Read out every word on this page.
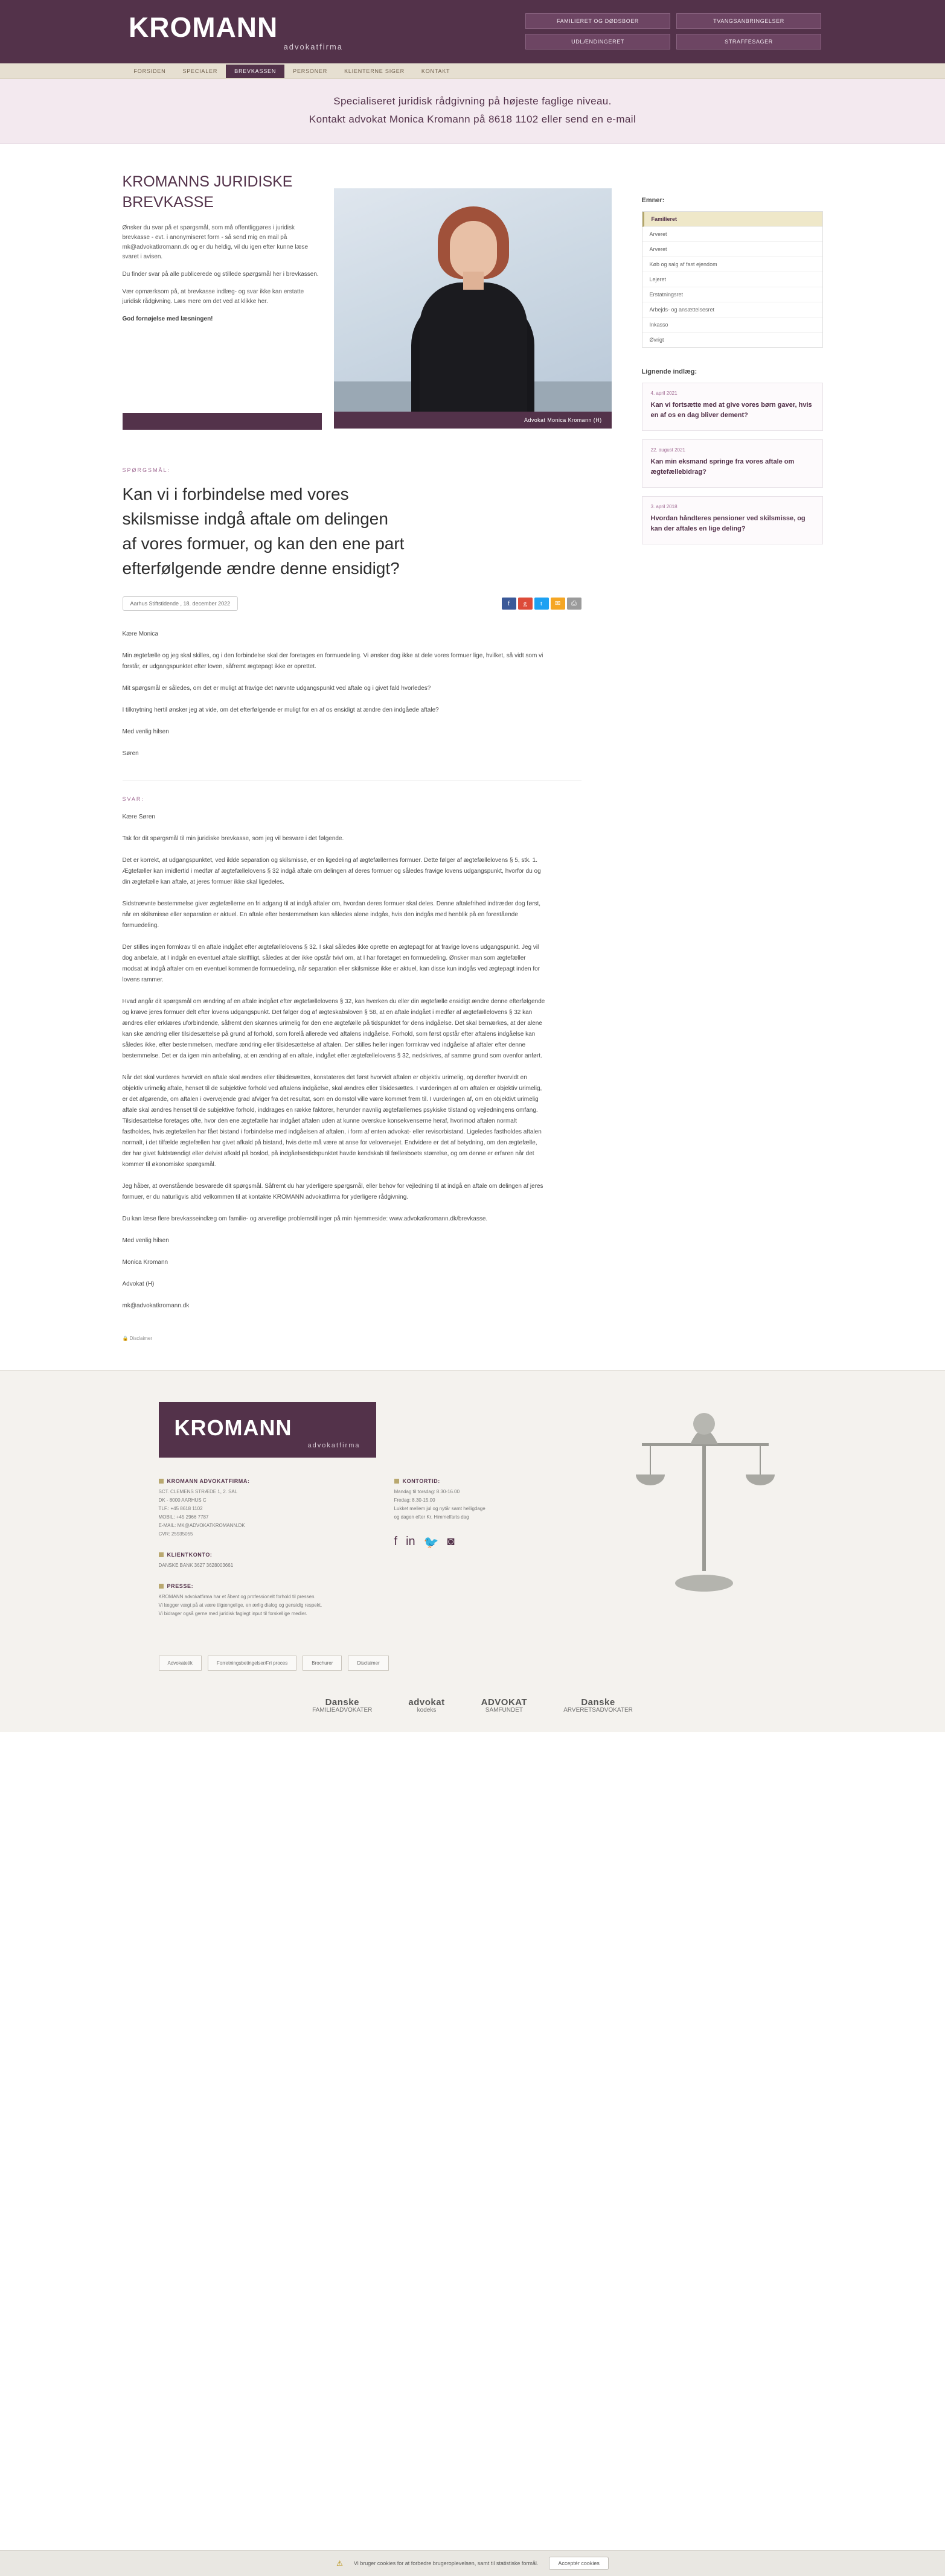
KROMANN
advokatfirma
FAMILIERET OG DØDSBOER	TVANGSANBRINGELSER
UDLÆNDINGERET	STRAFFESAGER
FORSIDEN	SPECIALER	BREVKASSEN	PERSONER	KLIENTERNE SIGER	KONTAKT
Specialiseret juridisk rådgivning på højeste faglige niveau.
Kontakt advokat Monica Kromann på 8618 1102 eller send en e-mail
KROMANNS JURIDISKE BREVKASSE

Ønsker du svar på et spørgsmål, som må offentliggøres i juridisk brevkasse - evt. i anonymiseret form - så send mig en mail på mk@advokatkromann.dk og er du heldig, vil du igen efter kunne læse svaret i avisen.

Du finder svar på alle publicerede og stillede spørgsmål her i brevkassen.

Vær opmærksom på, at brevkasse indlæg- og svar ikke kan erstatte juridisk rådgivning. Læs mere om det ved at klikke her.

God fornøjelse med læsningen!

Advokat Monica Kromann (H)
SPØRGSMÅL:
Kan vi i forbindelse med vores skilsmisse indgå aftale om delingen af vores formuer, og kan den ene part efterfølgende ændre denne ensidigt?
Aarhus Stiftstidende , 18. december 2022	f	g	t	✉	⎙

Kære Monica

Min ægtefælle og jeg skal skilles, og i den forbindelse skal der foretages en formuedeling. Vi ønsker dog ikke at dele vores formuer lige, hvilket, så vidt som vi forstår, er udgangspunktet efter loven, såfremt ægtepagt ikke er oprettet.

Mit spørgsmål er således, om det er muligt at fravige det nævnte udgangspunkt ved aftale og i givet fald hvorledes?

I tilknytning hertil ønsker jeg at vide, om det efterfølgende er muligt for en af os ensidigt at ændre den indgåede aftale?

Med venlig hilsen

Søren

SVAR:

Kære Søren

Tak for dit spørgsmål til min juridiske brevkasse, som jeg vil besvare i det følgende.

Det er korrekt, at udgangspunktet, ved ildde separation og skilsmisse, er en ligedeling af ægtefællernes formuer. Dette følger af ægtefællelovens § 5, stk. 1. Ægtefæller kan imidlertid i medfør af ægtefællelovens § 32 indgå aftale om delingen af deres formuer og således fravige lovens udgangspunkt, hvorfor du og din ægtefælle kan aftale, at jeres formuer ikke skal ligedeles.

Sidstnævnte bestemmelse giver ægtefællerne en fri adgang til at indgå aftaler om, hvordan deres formuer skal deles. Denne aftalefrihed indtræder dog først, når en skilsmisse eller separation er aktuel. En aftale efter bestemmelsen kan således alene indgås, hvis den indgås med henblik på en forestående formuedeling.

Der stilles ingen formkrav til en aftale indgået efter ægtefællelovens § 32. I skal således ikke oprette en ægtepagt for at fravige lovens udgangspunkt. Jeg vil dog anbefale, at I indgår en eventuel aftale skriftligt, således at der ikke opstår tvivl om, at I har foretaget en formuedeling. Ønsker man som ægtefæller modsat at indgå aftaler om en eventuel kommende formuedeling, når separation eller skilsmisse ikke er aktuel, kan disse kun indgås ved ægtepagt inden for lovens rammer.

Hvad angår dit spørgsmål om ændring af en aftale indgået efter ægtefællelovens § 32, kan hverken du eller din ægtefælle ensidigt ændre denne efterfølgende og kræve jeres formuer delt efter lovens udgangspunkt. Det følger dog af ægteskabsloven § 58, at en aftale indgået i medfør af ægtefællelovens § 32 kan ændres eller erklæres uforbindende, såfremt den skønnes urimelig for den ene ægtefælle på tidspunktet for dens indgåelse. Det skal bemærkes, at der alene kan ske ændring eller tilsidesættelse på grund af forhold, som forelå allerede ved aftalens indgåelse. Forhold, som først opstår efter aftalens indgåelse kan således ikke, efter bestemmelsen, medføre ændring eller tilsidesættelse af aftalen. Der stilles heller ingen formkrav ved indgåelse af aftaler efter denne bestemmelse. Det er da igen min anbefaling, at en ændring af en aftale, indgået efter ægtefællelovens § 32, nedskrives, af samme grund som ovenfor anført.

Når det skal vurderes hvorvidt en aftale skal ændres eller tilsidesættes, konstateres det først hvorvidt aftalen er objektiv urimelig, og derefter hvorvidt en objektiv urimelig aftale, henset til de subjektive forhold ved aftalens indgåelse, skal ændres eller tilsidesættes. I vurderingen af om aftalen er objektiv urimelig, er det afgørende, om aftalen i overvejende grad afviger fra det resultat, som en domstol ville være kommet frem til. I vurderingen af, om en objektivt urimelig aftale skal ændres henset til de subjektive forhold, inddrages en række faktorer, herunder navnlig ægtefællernes psykiske tilstand og vejledningens omfang. Tilsidesættelse foretages ofte, hvor den ene ægtefælle har indgået aftalen uden at kunne overskue konsekvenserne heraf, hvorimod aftalen normalt fastholdes, hvis ægtefællen har fået bistand i forbindelse med indgåelsen af aftalen, i form af enten advokat- eller revisorbistand. Ligeledes fastholdes aftalen normalt, i det tilfælde ægtefællen har givet afkald på bistand, hvis dette må være at anse for velovervejet. Endvidere er det af betydning, om den ægtefælle, der har givet fuldstændigt eller delvist afkald på boslod, på indgåelsestidspunktet havde kendskab til fællesboets størrelse, og om denne er erfaren når det kommer til økonomiske spørgsmål.

Jeg håber, at ovenstående besvarede dit spørgsmål. Såfremt du har yderligere spørgsmål, eller behov for vejledning til at indgå en aftale om delingen af jeres formuer, er du naturligvis altid velkommen til at kontakte KROMANN advokatfirma for yderligere rådgivning.

Du kan læse flere brevkasseindlæg om familie- og arveretlige problemstillinger på min hjemmeside: www.advokatkromann.dk/brevkasse.

Med venlig hilsen

Monica Kromann

Advokat (H)

mk@advokatkromann.dk

🔒 Disclaimer
Emner:
Familieret
Arveret
Arveret
Køb og salg af fast ejendom
Lejeret
Erstatningsret
Arbejds- og ansættelsesret
Inkasso
Øvrigt
Lignende indlæg:
4. april 2021
Kan vi fortsætte med at give vores børn gaver, hvis en af os en dag bliver dement?
22. august 2021
Kan min eksmand springe fra vores aftale om ægtefællebidrag?
3. april 2018
Hvordan håndteres pensioner ved skilsmisse, og kan der aftales en lige deling?
KROMANN
advokatfirma
KROMANN ADVOKATFIRMA:
SCT. CLEMENS STRÆDE 1, 2. SAL
DK - 8000 AARHUS C
TLF.: +45 8618 1102
MOBIL: +45 2966 7787
E-MAIL: MK@ADVOKATKROMANN.DK
CVR: 25935055
KLIENTKONTO:
DANSKE BANK 3627 3628003661
PRESSE:
KROMANN advokatfirma har et åbent og professionelt forhold til pressen.
Vi lægger vægt på at være tilgængelige, en ærlig dialog og gensidig respekt.
Vi bidrager også gerne med juridisk faglegt input til forskellige medier.
KONTORTID:
Mandag til torsdag: 8.30-16.00
Fredag: 8.30-15.00
Lukket mellem jul og nytår samt helligdage
og dagen efter Kr. Himmelfarts dag
f in 🐦 ◙
Advokatetik	Forretningsbetingelser/Fri proces	Brochurer	Disclaimer
Danske
FAMILIEADVOKATER
advokat
kodeks
ADVOKAT
SAMFUNDET
Danske
ARVERETSADVOKATER
⚠ Vi bruger cookies for at forbedre brugeroplevelsen, samt til statistiske formål.	Acceptér cookies
